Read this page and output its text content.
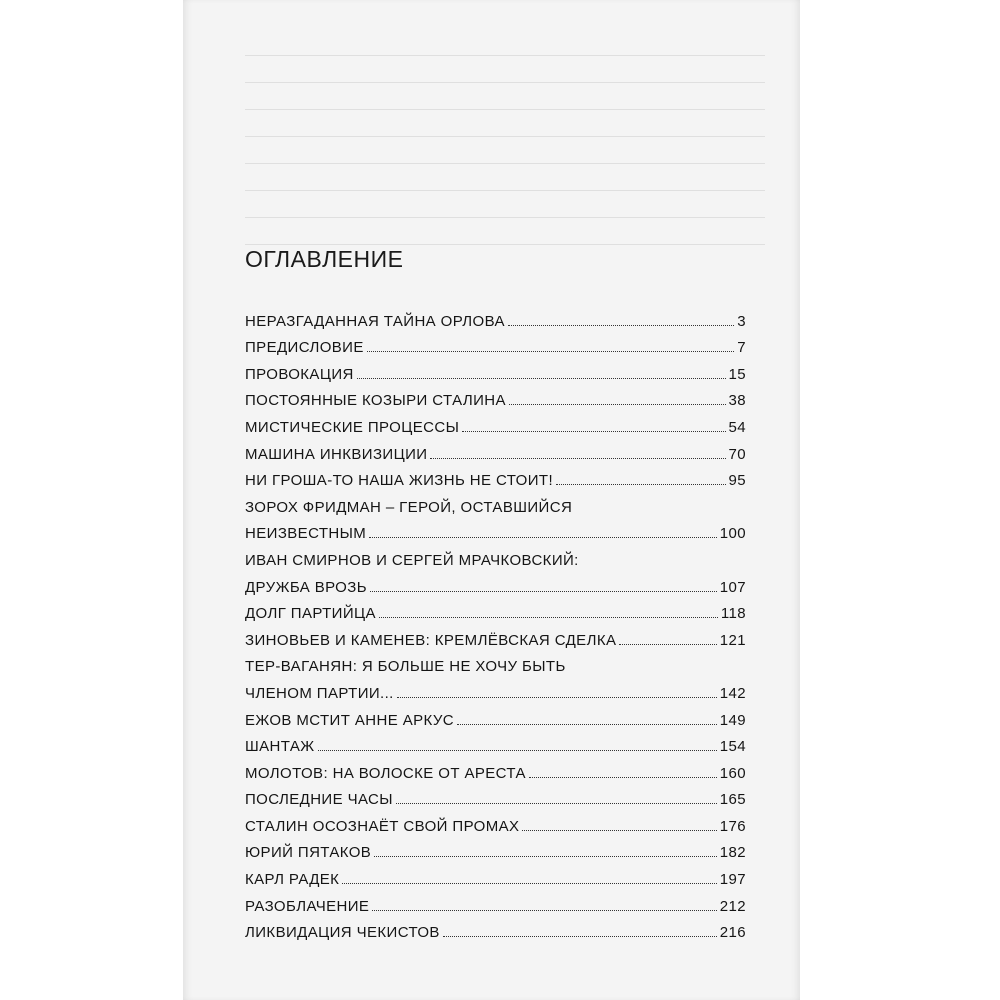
ОГЛАВЛЕНИЕ
НЕРАЗГАДАННАЯ ТАЙНА ОРЛОВА	3
ПРЕДИСЛОВИЕ	7
ПРОВОКАЦИЯ	15
ПОСТОЯННЫЕ КОЗЫРИ СТАЛИНА	38
МИСТИЧЕСКИЕ ПРОЦЕССЫ	54
МАШИНА ИНКВИЗИЦИИ	70
НИ ГРОША-ТО НАША ЖИЗНЬ НЕ СТОИТ!	95
ЗОРОХ ФРИДМАН – ГЕРОЙ, ОСТАВШИЙСЯ
НЕИЗВЕСТНЫМ	100
ИВАН СМИРНОВ И СЕРГЕЙ МРАЧКОВСКИЙ:
ДРУЖБА ВРОЗЬ	107
ДОЛГ ПАРТИЙЦА	118
ЗИНОВЬЕВ И КАМЕНЕВ: КРЕМЛЁВСКАЯ СДЕЛКА	121
ТЕР-ВАГАНЯН: Я БОЛЬШЕ НЕ ХОЧУ БЫТЬ
ЧЛЕНОМ ПАРТИИ...	142
ЕЖОВ МСТИТ АННЕ АРКУС	149
ШАНТАЖ	154
МОЛОТОВ: НА ВОЛОСКЕ ОТ АРЕСТА	160
ПОСЛЕДНИЕ ЧАСЫ	165
СТАЛИН ОСОЗНАЁТ СВОЙ ПРОМАХ	176
ЮРИЙ ПЯТАКОВ	182
КАРЛ РАДЕК	197
РАЗОБЛАЧЕНИЕ	212
ЛИКВИДАЦИЯ ЧЕКИСТОВ	216
